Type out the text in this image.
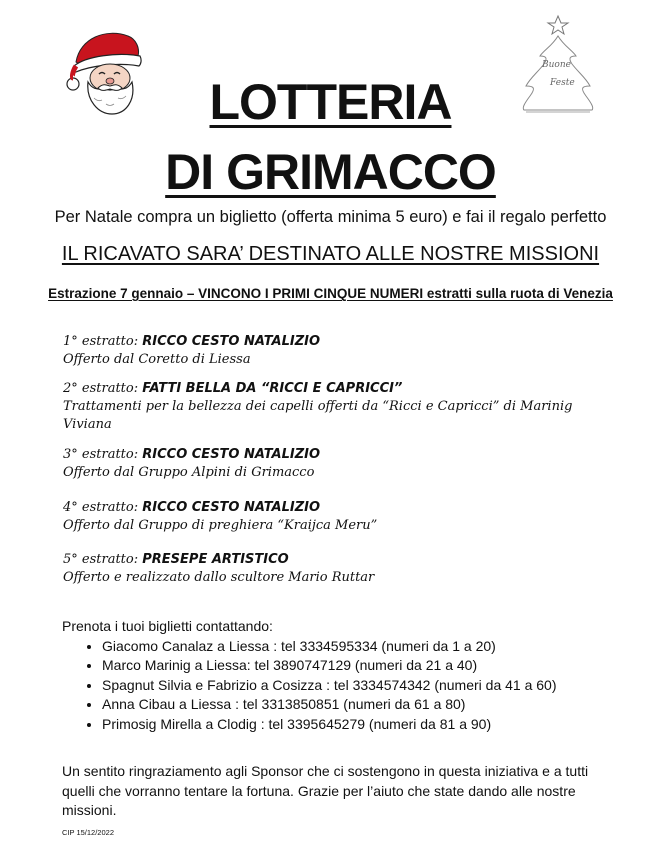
Buone
Feste
LOTTERIA
DI GRIMACCO
Per Natale compra un biglietto (offerta minima 5 euro) e fai il regalo perfetto
IL RICAVATO SARA’ DESTINATO ALLE NOSTRE MISSIONI
Estrazione 7 gennaio – VINCONO I PRIMI CINQUE NUMERI estratti sulla ruota di Venezia
1° estratto: RICCO CESTO NATALIZIO
Offerto dal Coretto di Liessa
2° estratto: FATTI BELLA DA “RICCI E CAPRICCI”
Trattamenti per la bellezza dei capelli offerti da “Ricci e Capricci” di Marinig Viviana
3° estratto: RICCO CESTO NATALIZIO
Offerto dal Gruppo Alpini di Grimacco
4° estratto: RICCO CESTO NATALIZIO
Offerto dal Gruppo di preghiera “Kraijca Meru”
5° estratto: PRESEPE ARTISTICO
Offerto e realizzato dallo scultore Mario Ruttar
Prenota i tuoi biglietti contattando:
• Giacomo Canalaz a Liessa : tel 3334595334 (numeri da 1 a 20)
• Marco Marinig a Liessa: tel 3890747129 (numeri da 21 a 40)
• Spagnut Silvia e Fabrizio a Cosizza : tel 3334574342 (numeri da 41 a 60)
• Anna Cibau a Liessa : tel 3313850851 (numeri da 61 a 80)
• Primosig Mirella a Clodig : tel 3395645279 (numeri da 81 a 90)
Un sentito ringraziamento agli Sponsor che ci sostengono in questa iniziativa e a tutti quelli che vorranno tentare la fortuna. Grazie per l’aiuto che state dando alle nostre missioni.
CIP 15/12/2022
